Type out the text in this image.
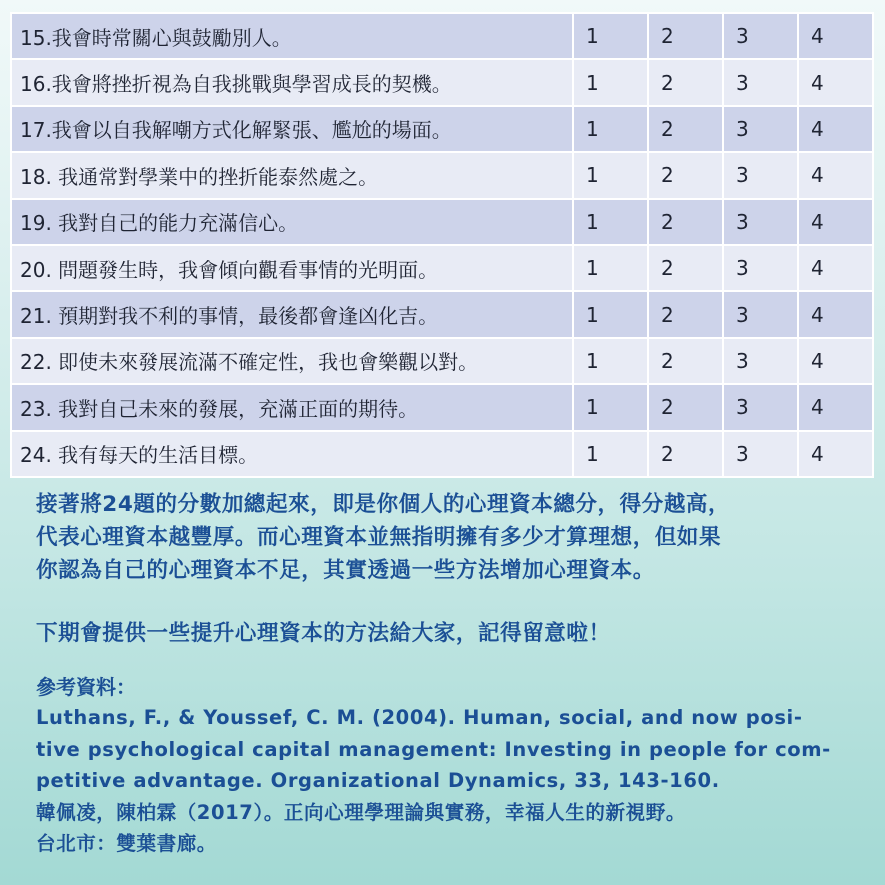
15.我會時常關心與鼓勵別人。	1	2	3	4
16.我會將挫折視為自我挑戰與學習成長的契機。	1	2	3	4
17.我會以自我解嘲方式化解緊張、尷尬的場面。	1	2	3	4
18. 我通常對學業中的挫折能泰然處之。	1	2	3	4
19. 我對自己的能力充滿信心。	1	2	3	4
20. 問題發生時，我會傾向觀看事情的光明面。	1	2	3	4
21. 預期對我不利的事情，最後都會逢凶化吉。	1	2	3	4
22. 即使未來發展流滿不確定性，我也會樂觀以對。	1	2	3	4
23. 我對自己未來的發展，充滿正面的期待。	1	2	3	4
24. 我有每天的生活目標。	1	2	3	4

接著將24題的分數加總起來，即是你個人的心理資本總分，得分越高，
代表心理資本越豐厚。而心理資本並無指明擁有多少才算理想，但如果
你認為自己的心理資本不足，其實透過一些方法增加心理資本。

下期會提供一些提升心理資本的方法給大家，記得留意啦！

參考資料：

Luthans, F., & Youssef, C. M. (2004). Human, social, and now posi-
tive psychological capital management: Investing in people for com-
petitive advantage. Organizational Dynamics, 33, 143-160.
韓佩凌，陳柏霖（2017）。正向心理學理論與實務，幸福人生的新視野。
台北市：雙葉書廊。
